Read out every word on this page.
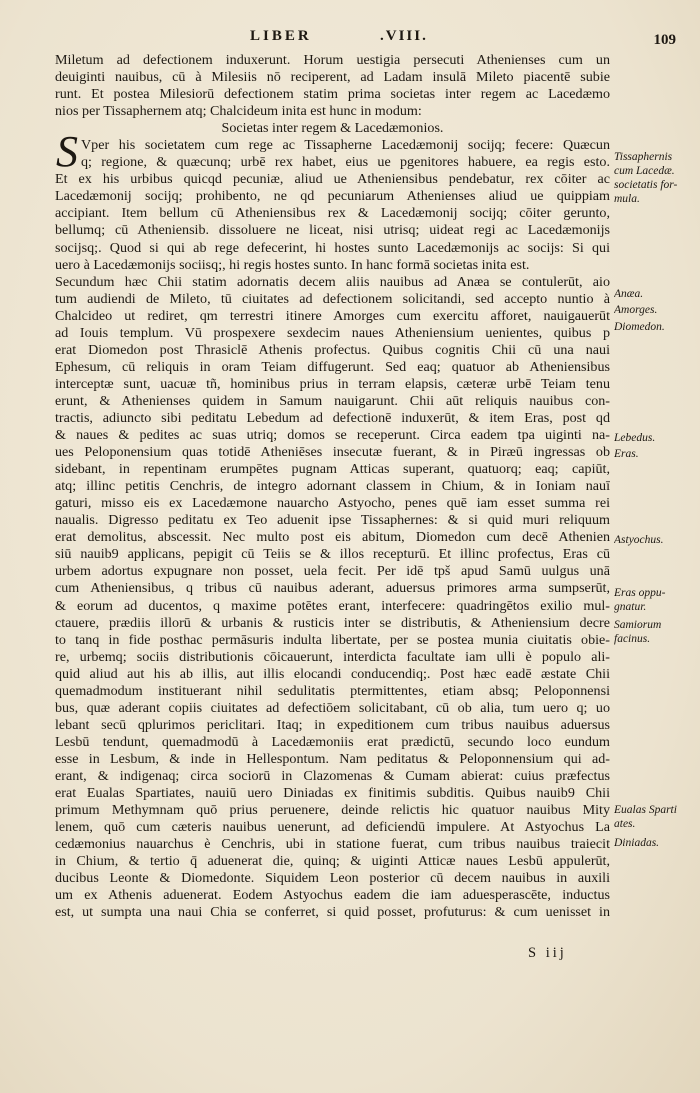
LIBER	.VIII.	109
S
Miletum ad defectionem induxerunt. Horum uestigia persecuti Athenienses cum un
deuiginti nauibus, cū à Milesiis nō reciperent, ad Ladam insulā Mileto piacentē subie
runt. Et postea Milesiorū defectionem statim prima societas inter regem ac Lacedæmo
nios per Tissaphernem atq; Chalcideum inita est hunc in modum:
Societas inter regem & Lacedæmonios.
Vper his societatem cum rege ac Tissapherne Lacedæmonij socijq; fecere: Quæcun
q; regione, & quæcunq; urbē rex habet, eius ue pgenitores habuere, ea regis esto.
Et ex his urbibus quicqd pecuniæ, aliud ue Atheniensibus pendebatur, rex cōiter ac
Lacedæmonij socijq; prohibento, ne qd pecuniarum Athenienses aliud ue quippiam
accipiant. Item bellum cū Atheniensibus rex & Lacedæmonij socijq; cōiter gerunto,
bellumq; cū Atheniensib. dissoluere ne liceat, nisi utrisq; uideat regi ac Lacedæmonijs
socijsq;. Quod si qui ab rege defecerint, hi hostes sunto Lacedæmonijs ac socijs: Si qui
uero à Lacedæmonijs sociisq;, hi regis hostes sunto. In hanc formā societas inita est.
Secundum hæc Chii statim adornatis decem aliis nauibus ad Anæa se contulerūt, aio
tum audiendi de Mileto, tū ciuitates ad defectionem solicitandi, sed accepto nuntio à
Chalcideo ut rediret, qm terrestri itinere Amorges cum exercitu afforet, nauigauerūt
ad Iouis templum. Vū prospexere sexdecim naues Atheniensium uenientes, quibus p
erat Diomedon post Thrasiclē Athenis profectus. Quibus cognitis Chii cū una naui
Ephesum, cū reliquis in oram Teiam diffugerunt. Sed eaq; quatuor ab Atheniensibus
interceptæ sunt, uacuæ tñ, hominibus prius in terram elapsis, cæteræ urbē Teiam tenu
erunt, & Athenienses quidem in Samum nauigarunt. Chii aūt reliquis nauibus con-
tractis, adiuncto sibi peditatu Lebedum ad defectionē induxerūt, & item Eras, post qd
& naues & pedites ac suas utriq; domos se receperunt. Circa eadem tpa uiginti na-
ues Peloponensium quas totidē Atheniēses insecutæ fuerant, & in Piræū ingressas ob
sidebant, in repentinam erumpētes pugnam Atticas superant, quatuorq; eaq; capiūt,
atq; illinc petitis Cenchris, de integro adornant classem in Chium, & in Ioniam nauī
gaturi, misso eis ex Lacedæmone nauarcho Astyocho, penes quē iam esset summa rei
naualis. Digresso peditatu ex Teo aduenit ipse Tissaphernes: & si quid muri reliquum
erat demolitus, abscessit. Nec multo post eis abitum, Diomedon cum decē Athenien
siū nauib9 applicans, pepigit cū Teiis se & illos recepturū. Et illinc profectus, Eras cū
urbem adortus expugnare non posset, uela fecit. Per idē tpš apud Samū uulgus unā
cum Atheniensibus, q tribus cū nauibus aderant, aduersus primores arma sumpserūt,
& eorum ad ducentos, q maxime potētes erant, interfecere: quadringētos exilio mul-
ctauere, prædiis illorū & urbanis & rusticis inter se distributis, & Atheniensium decre
to tanq in fide posthac permāsuris indulta libertate, per se postea munia ciuitatis obie-
re, urbemq; sociis distributionis cōicauerunt, interdicta facultate iam ulli è populo ali-
quid aliud aut his ab illis, aut illis elocandi conducendiq;. Post hæc eadē æstate Chii
quemadmodum instituerant nihil sedulitatis ptermittentes, etiam absq; Peloponnensi
bus, quæ aderant copiis ciuitates ad defectiōem solicitabant, cū ob alia, tum uero q; uo
lebant secū qplurimos periclitari. Itaq; in expeditionem cum tribus nauibus aduersus
Lesbū tendunt, quemadmodū à Lacedæmoniis erat prædictū, secundo loco eundum
esse in Lesbum, & inde in Hellespontum. Nam peditatus & Peloponnensium qui ad-
erant, & indigenaq; circa sociorū in Clazomenas & Cumam abierat: cuius præfectus
erat Eualas Spartiates, nauiū uero Diniadas ex finitimis subditis. Quibus nauib9 Chii
primum Methymnam quō prius peruenere, deinde relictis hic quatuor nauibus Mity
lenem, quō cum cæteris nauibus uenerunt, ad deficiendū impulere. At Astyochus La
cedæmonius nauarchus è Cenchris, ubi in statione fuerat, cum tribus nauibus traiecit
in Chium, & tertio q̄ aduenerat die, quinq; & uiginti Atticæ naues Lesbū appulerūt,
ducibus Leonte & Diomedonte. Siquidem Leon posterior cū decem nauibus in auxili
um ex Athenis aduenerat. Eodem Astyochus eadem die iam aduesperascēte, inductus
est, ut sumpta una naui Chia se conferret, si quid posset, profuturus: & cum uenisset in
Tissaphernis
cum Lacedæ.
societatis for-
mula.
Anæa.
Amorges.
Diomedon.
Lebedus.
Eras.
Astyochus.
Eras oppu-
gnatur.
Samiorum
facinus.
Eualas Sparti
ates.
Diniadas.
S iij
